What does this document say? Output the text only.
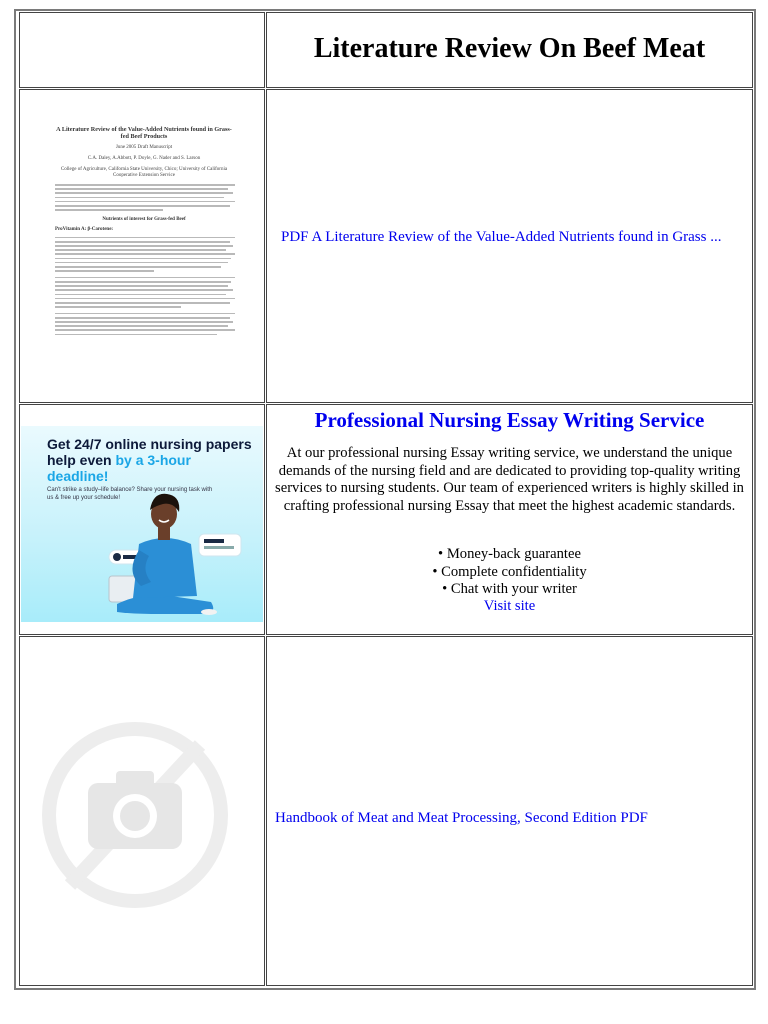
Literature Review On Beef Meat
A Literature Review of the Value-Added Nutrients found in Grass-fed Beef Products
June 2005 Draft Manuscript
C.A. Daley, A.Abbott, P. Doyle, G. Nader and S. Larson
College of Agriculture, California State University, Chico; University of California Cooperative Extension Service
Nutrients of interest for Grass-fed Beef
ProVitamin A: β-Carotene:	PDF A Literature Review of the Value-Added Nutrients found in Grass ...
Get 24/7 online nursing papers
help even by a 3-hour
deadline!
Can't strike a study–life balance? Share your nursing task with us & free up your schedule!
Professional Nursing Essay Writing Service
At our professional nursing Essay writing service, we understand the unique demands of the nursing field and are dedicated to providing top-quality writing services to nursing students. Our team of experienced writers is highly skilled in crafting professional nursing Essay that meet the highest academic standards.
• Money-back guarantee
• Complete confidentiality
• Chat with your writer
Visit site
Handbook of Meat and Meat Processing, Second Edition PDF
